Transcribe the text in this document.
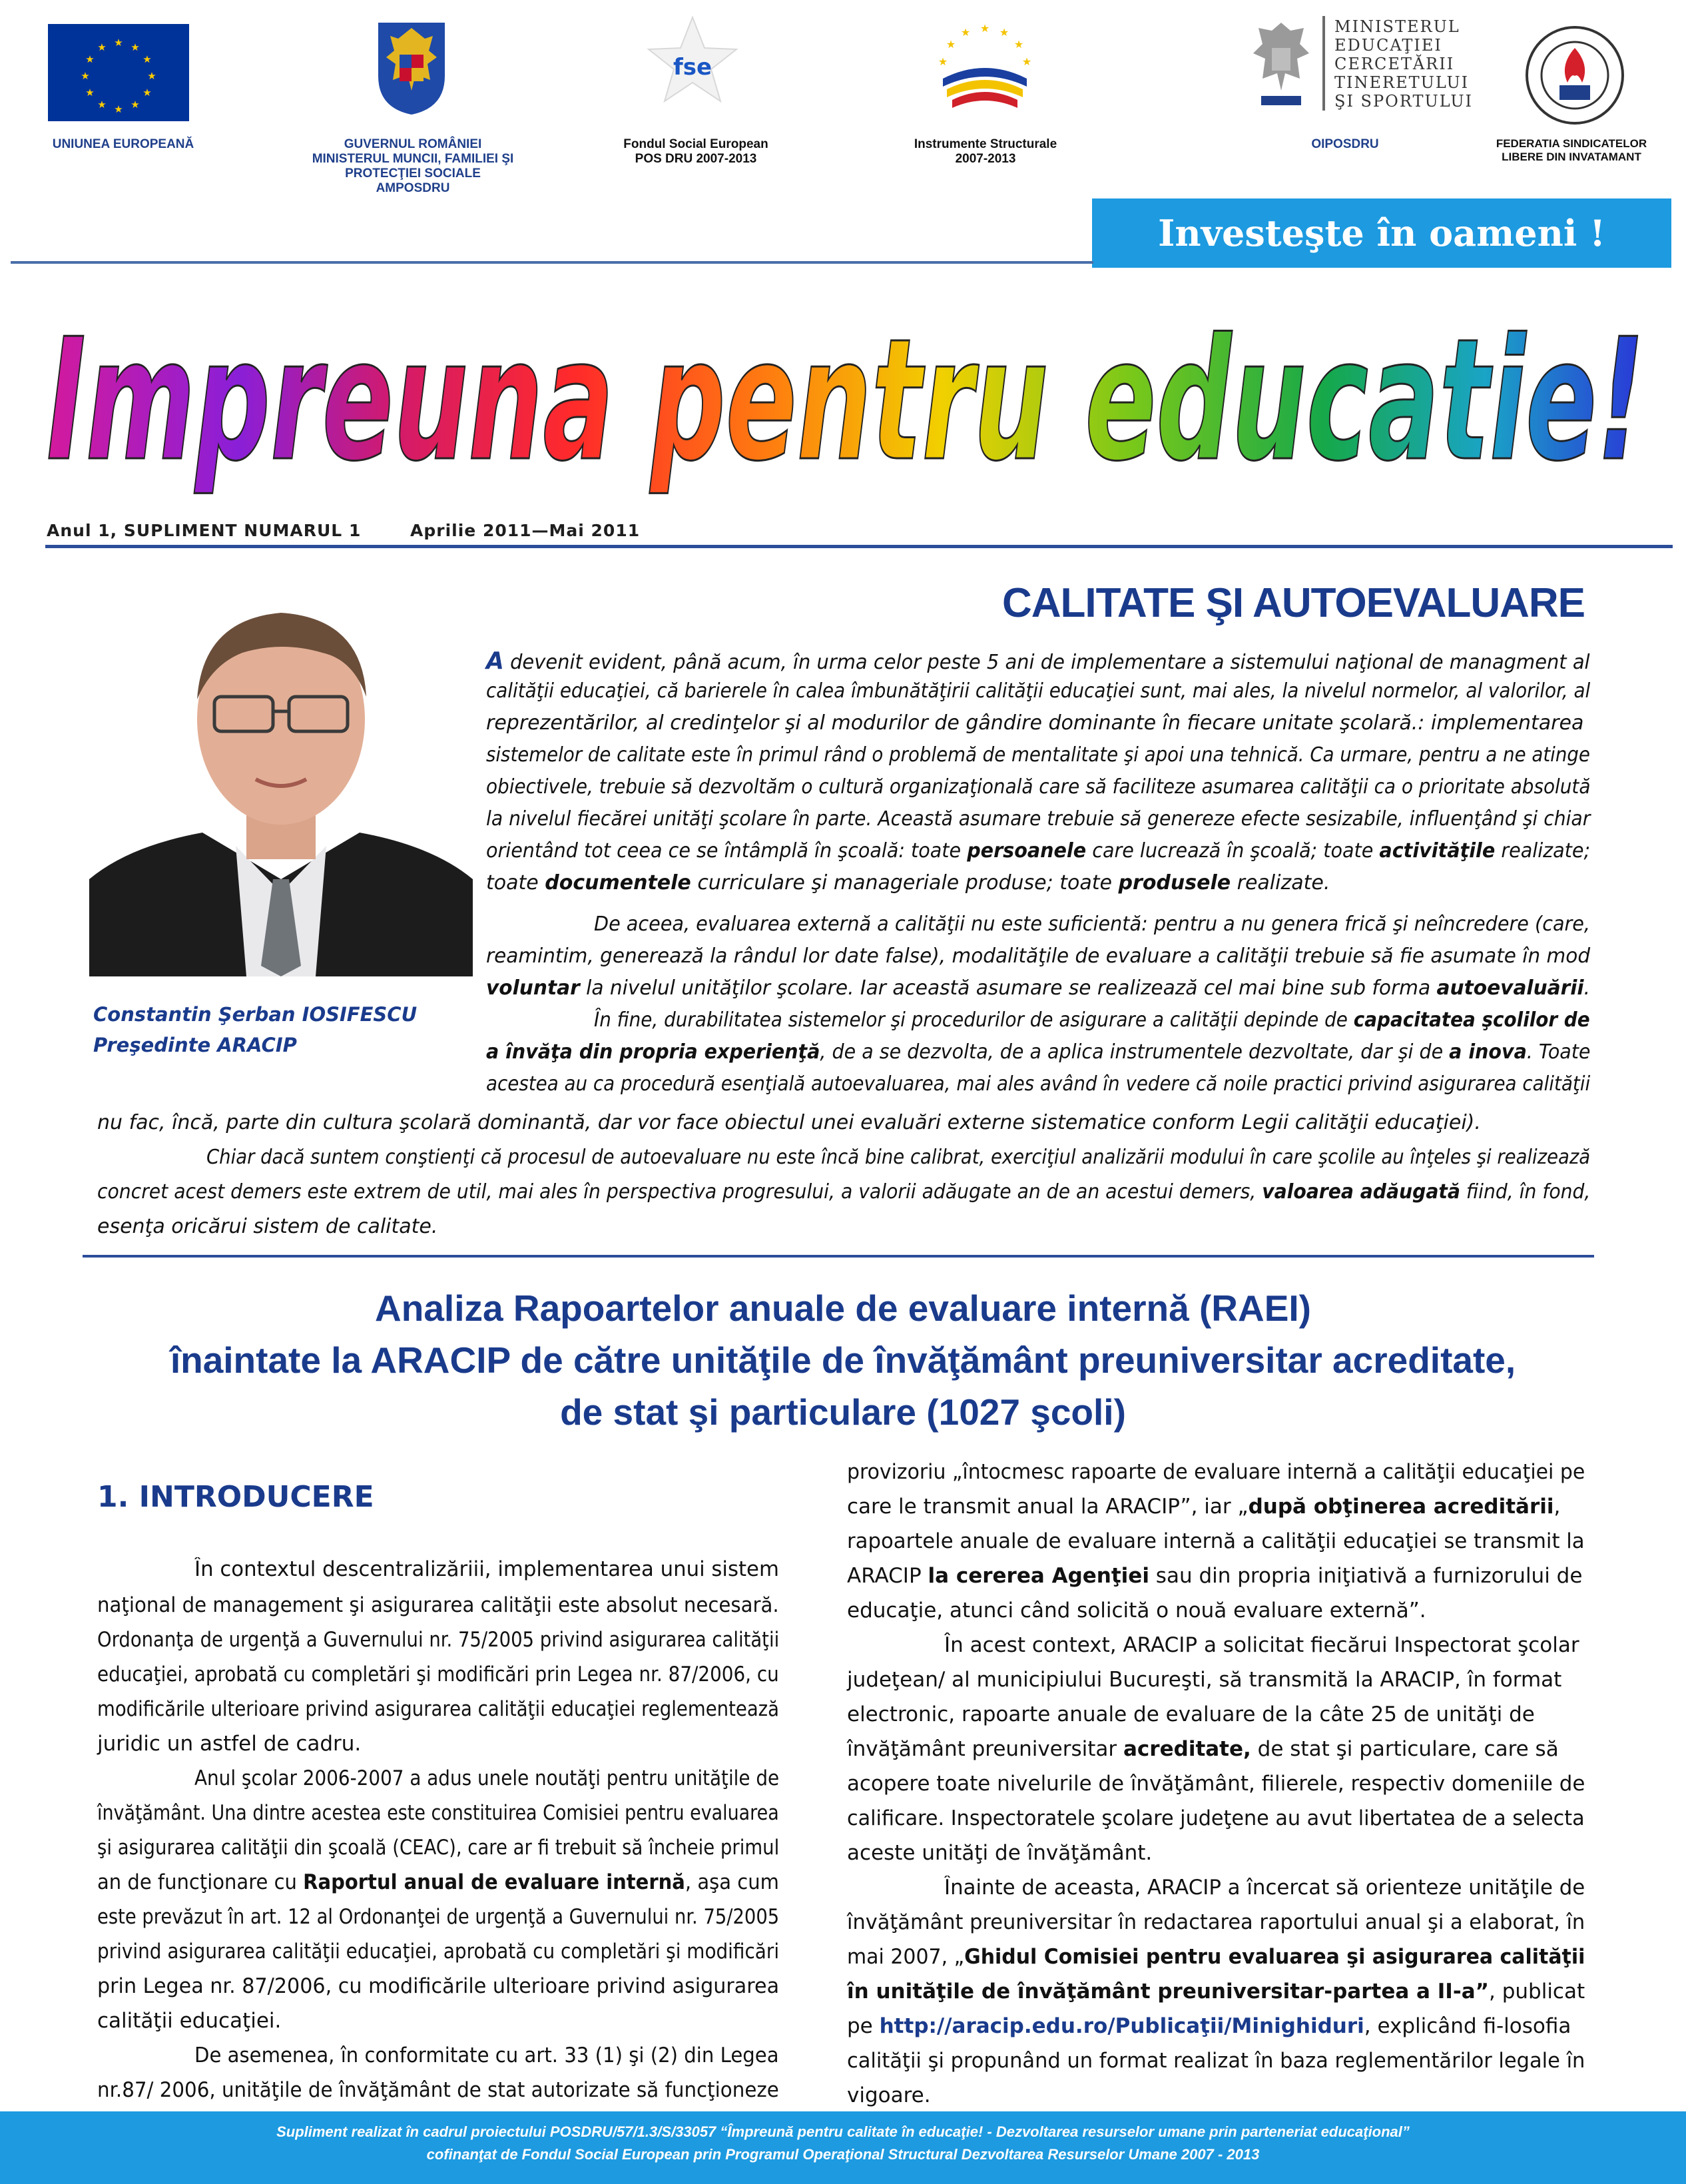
★ ★
★
★
★
★
★
★
★
★
★
★
UNIUNEA EUROPEANĂ	GUVERNUL ROMÂNIEI
MINISTERUL MUNCII, FAMILIEI ŞI
PROTECŢIEI SOCIALE
AMPOSDRU
fse
Fondul Social European
POS DRU 2007-2013
★ ★
★
★
★
★
★
Instrumente Structurale
2007-2013
MINISTERUL
EDUCAŢIEI
CERCETĂRII
TINERETULUI
ŞI SPORTULUI
OIPOSDRU	FEDERATIA SINDICATELOR
LIBERE DIN INVATAMANT
Investeşte în oameni !
Impreuna pentru educatie!
Anul 1, SUPLIMENT NUMARUL 1	Aprilie 2011—Mai 2011
Constantin Şerban IOSIFESCU
Preşedinte ARACIP
CALITATE ŞI AUTOEVALUARE
A devenit evident, până acum, în urma celor peste 5 ani de implementare a sistemului naţional de managment al
calităţii educaţiei, că barierele în calea îmbunătăţirii calităţii educaţiei sunt, mai ales, la nivelul normelor, al valorilor, al
reprezentărilor, al credinţelor şi al modurilor de gândire dominante în fiecare unitate şcolară.: implementarea
sistemelor de calitate este în primul rând o problemă de mentalitate şi apoi una tehnică. Ca urmare, pentru a ne atinge
obiectivele, trebuie să dezvoltăm o cultură organizaţională care să faciliteze asumarea calităţii ca o prioritate absolută
la nivelul fiecărei unităţi şcolare în parte. Această asumare trebuie să genereze efecte sesizabile, influenţând şi chiar
orientând tot ceea ce se întâmplă în şcoală: toate persoanele care lucrează în şcoală; toate activităţile realizate;
toate documentele curriculare şi manageriale produse; toate produsele realizate.
De aceea, evaluarea externă a calităţii nu este suficientă: pentru a nu genera frică şi neîncredere (care,
reamintim, generează la rândul lor date false), modalităţile de evaluare a calităţii trebuie să fie asumate în mod
voluntar la nivelul unităţilor şcolare. Iar această asumare se realizează cel mai bine sub forma autoevaluării.
În fine, durabilitatea sistemelor şi procedurilor de asigurare a calităţii depinde de capacitatea şcolilor de
a învăţa din propria experienţă, de a se dezvolta, de a aplica instrumentele dezvoltate, dar şi de a inova. Toate
acestea au ca procedură esenţială autoevaluarea, mai ales având în vedere că noile practici privind asigurarea calităţii
nu fac, încă, parte din cultura şcolară dominantă, dar vor face obiectul unei evaluări externe sistematice conform Legii calităţii educaţiei).
Chiar dacă suntem conştienţi că procesul de autoevaluare nu este încă bine calibrat, exerciţiul analizării modului în care şcolile au înţeles şi realizează
concret acest demers este extrem de util, mai ales în perspectiva progresului, a valorii adăugate an de an acestui demers, valoarea adăugată fiind, în fond,
esenţa oricărui sistem de calitate.
Analiza Rapoartelor anuale de evaluare internă (RAEI)
înaintate la ARACIP de către unităţile de învăţământ preuniversitar acreditate,
de stat şi particulare (1027 şcoli)
1. INTRODUCERE
În contextul descentralizăriii, implementarea unui sistem
naţional de management şi asigurarea calităţii este absolut necesară.
Ordonanţa de urgenţă a Guvernului nr. 75/2005 privind asigurarea calităţii
educaţiei, aprobată cu completări şi modificări prin Legea nr. 87/2006, cu
modificările ulterioare privind asigurarea calităţii educaţiei reglementează
juridic un astfel de cadru.
Anul şcolar 2006-2007 a adus unele noutăţi pentru unităţile de
învăţământ. Una dintre acestea este constituirea Comisiei pentru evaluarea
şi asigurarea calităţii din şcoală (CEAC), care ar fi trebuit să încheie primul
an de funcţionare cu Raportul anual de evaluare internă, aşa cum
este prevăzut în art. 12 al Ordonanţei de urgenţă a Guvernului nr. 75/2005
privind asigurarea calităţii educaţiei, aprobată cu completări şi modificări
prin Legea nr. 87/2006, cu modificările ulterioare privind asigurarea
calităţii educaţiei.
De asemenea, în conformitate cu art. 33 (1) şi (2) din Legea
nr.87/ 2006, unităţile de învăţământ de stat autorizate să funcţioneze
provizoriu „întocmesc rapoarte de evaluare internă a calităţii educaţiei pe
care le transmit anual la ARACIP”, iar „după obţinerea acreditării,
rapoartele anuale de evaluare internă a calităţii educaţiei se transmit la
ARACIP la cererea Agenţiei sau din propria iniţiativă a furnizorului de
educaţie, atunci când solicită o nouă evaluare externă”.
În acest context, ARACIP a solicitat fiecărui Inspectorat şcolar
judeţean/ al municipiului Bucureşti, să transmită la ARACIP, în format
electronic, rapoarte anuale de evaluare de la câte 25 de unităţi de
învăţământ preuniversitar acreditate, de stat şi particulare, care să
acopere toate nivelurile de învăţământ, filierele, respectiv domeniile de
calificare. Inspectoratele şcolare judeţene au avut libertatea de a selecta
aceste unităţi de învăţământ.
Înainte de aceasta, ARACIP a încercat să orienteze unităţile de
învăţământ preuniversitar în redactarea raportului anual şi a elaborat, în
mai 2007, „Ghidul Comisiei pentru evaluarea şi asigurarea calităţii
în unităţile de învăţământ preuniversitar-partea a II-a”, publicat
pe http://aracip.edu.ro/Publicaţii/Minighiduri, explicând fi-losofia
calităţii şi propunând un format realizat în baza reglementărilor legale în
vigoare.
Supliment realizat în cadrul proiectului POSDRU/57/1.3/S/33057 “Împreună pentru calitate în educaţie! - Dezvoltarea resurselor umane prin parteneriat educaţional”
cofinanţat de Fondul Social European prin Programul Operaţional Structural Dezvoltarea Resurselor Umane 2007 - 2013
